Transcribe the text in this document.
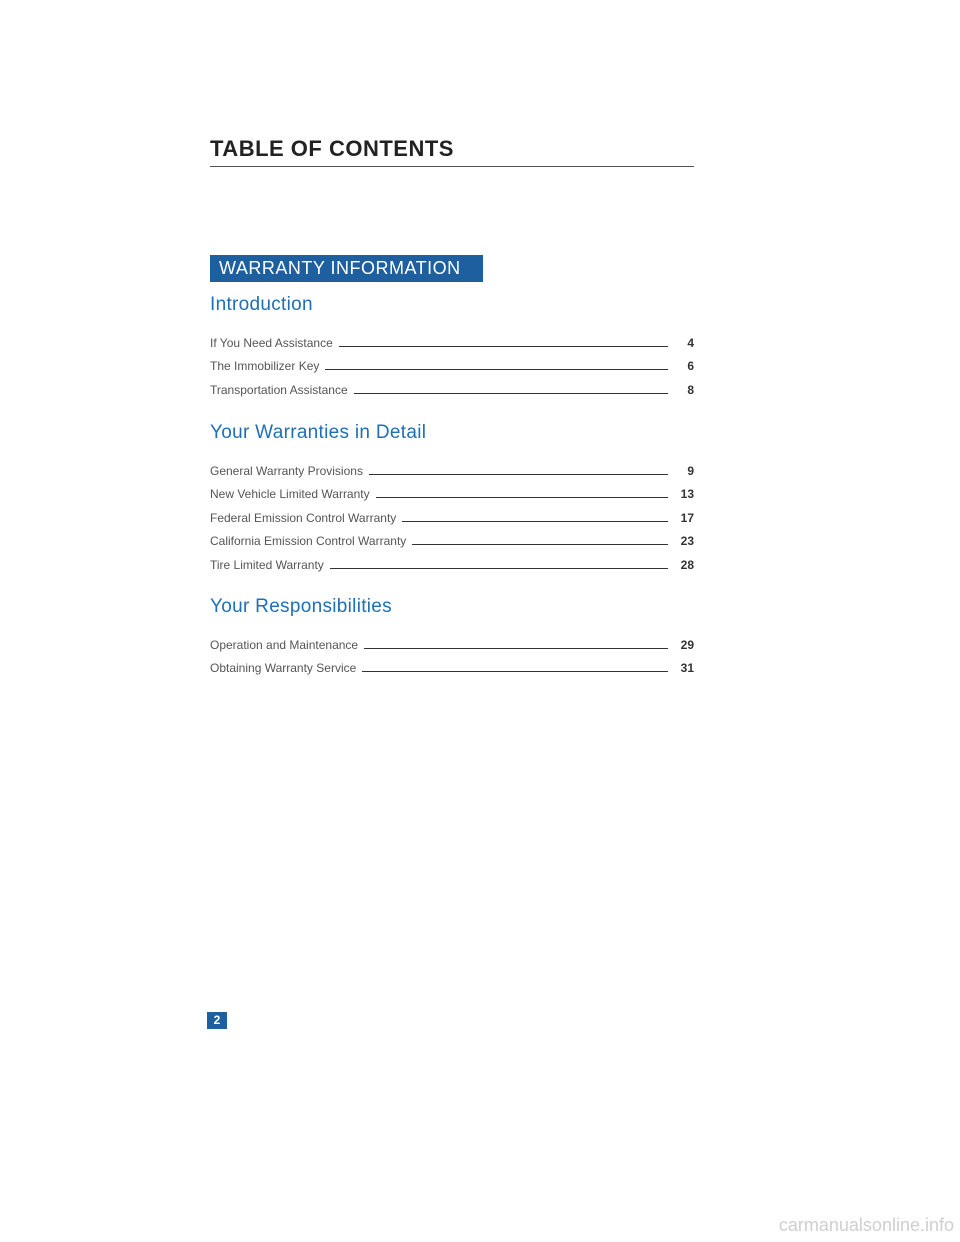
TABLE OF CONTENTS
WARRANTY INFORMATION
Introduction
If You Need Assistance	4
The Immobilizer Key	6
Transportation Assistance	8
Your Warranties in Detail
General Warranty Provisions	9
New Vehicle Limited Warranty	13
Federal Emission Control Warranty	17
California Emission Control Warranty	23
Tire Limited Warranty	28
Your Responsibilities
Operation and Maintenance	29
Obtaining Warranty Service	31
2
carmanualsonline.info
